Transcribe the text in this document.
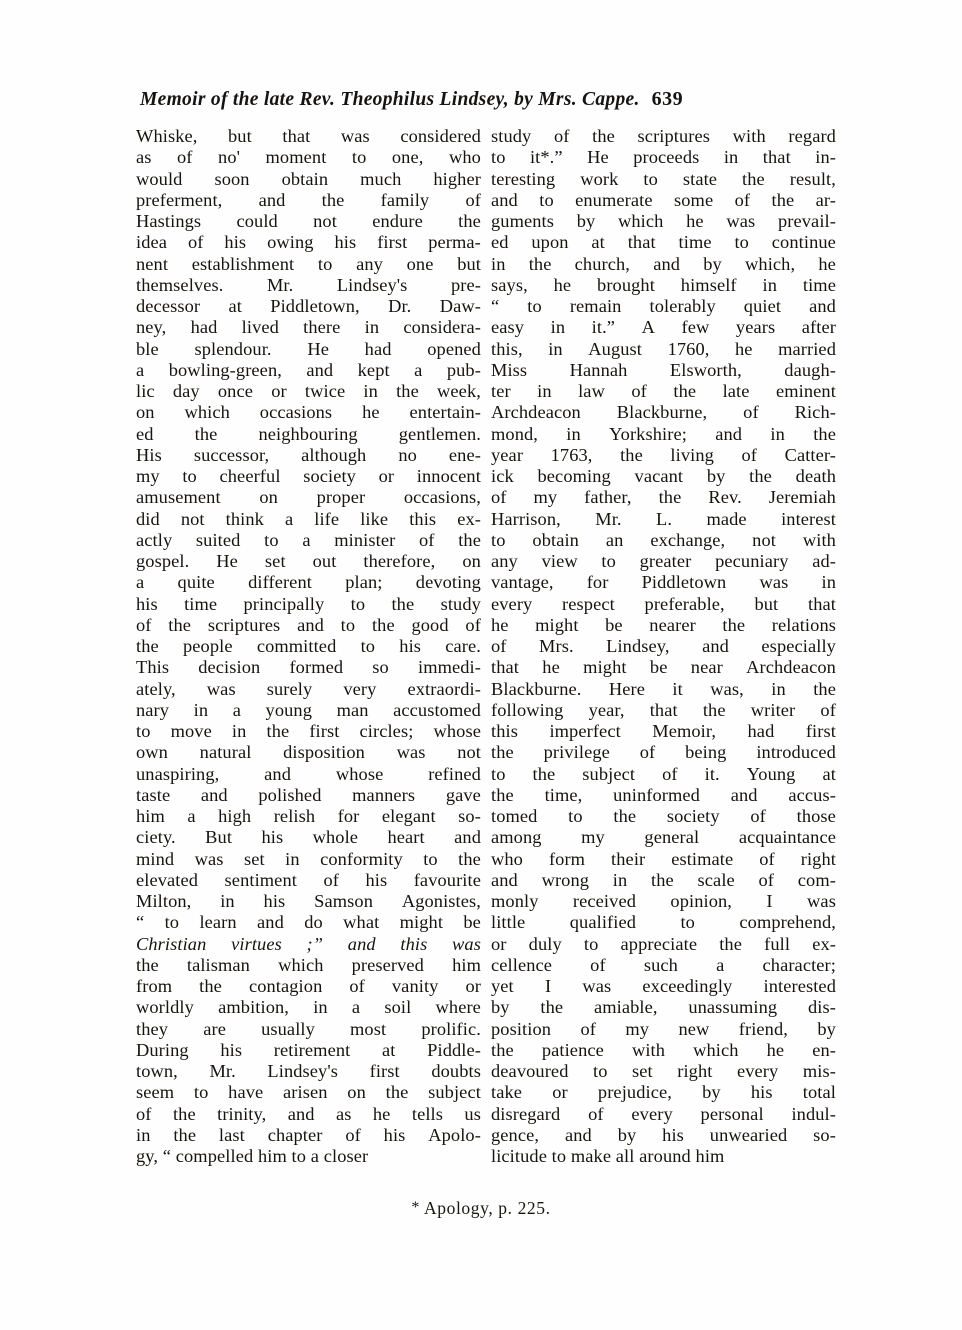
Memoir of the late Rev. Theophilus Lindsey, by Mrs. Cappe. 639
Whiske, but that was considered
as of no' moment to one, who
would soon obtain much higher
preferment, and the family of
Hastings could not endure the
idea of his owing his first perma-
nent establishment to any one but
themselves. Mr. Lindsey's pre-
decessor at Piddletown, Dr. Daw-
ney, had lived there in considera-
ble splendour. He had opened
a bowling-green, and kept a pub-
lic day once or twice in the week,
on which occasions he entertain-
ed the neighbouring gentlemen.
His successor, although no ene-
my to cheerful society or innocent
amusement on proper occasions,
did not think a life like this ex-
actly suited to a minister of the
gospel. He set out therefore, on
a quite different plan; devoting
his time principally to the study
of the scriptures and to the good of
the people committed to his care.
This decision formed so immedi-
ately, was surely very extraordi-
nary in a young man accustomed
to move in the first circles; whose
own natural disposition was not
unaspiring, and whose refined
taste and polished manners gave
him a high relish for elegant so-
ciety. But his whole heart and
mind was set in conformity to the
elevated sentiment of his favourite
Milton, in his Samson Agonistes,
“ to learn and do what might be
Christian virtues ;” and this was
the talisman which preserved him
from the contagion of vanity or
worldly ambition, in a soil where
they are usually most prolific.
During his retirement at Piddle-
town, Mr. Lindsey's first doubts
seem to have arisen on the subject
of the trinity, and as he tells us
in the last chapter of his Apolo-
gy, “ compelled him to a closer
study of the scriptures with regard
to it*.” He proceeds in that in-
teresting work to state the result,
and to enumerate some of the ar-
guments by which he was prevail-
ed upon at that time to continue
in the church, and by which, he
says, he brought himself in time
“ to remain tolerably quiet and
easy in it.” A few years after
this, in August 1760, he married
Miss Hannah Elsworth, daugh-
ter in law of the late eminent
Archdeacon Blackburne, of Rich-
mond, in Yorkshire; and in the
year 1763, the living of Catter-
ick becoming vacant by the death
of my father, the Rev. Jeremiah
Harrison, Mr. L. made interest
to obtain an exchange, not with
any view to greater pecuniary ad-
vantage, for Piddletown was in
every respect preferable, but that
he might be nearer the relations
of Mrs. Lindsey, and especially
that he might be near Archdeacon
Blackburne. Here it was, in the
following year, that the writer of
this imperfect Memoir, had first
the privilege of being introduced
to the subject of it. Young at
the time, uninformed and accus-
tomed to the society of those
among my general acquaintance
who form their estimate of right
and wrong in the scale of com-
monly received opinion, I was
little qualified to comprehend,
or duly to appreciate the full ex-
cellence of such a character;
yet I was exceedingly interested
by the amiable, unassuming dis-
position of my new friend, by
the patience with which he en-
deavoured to set right every mis-
take or prejudice, by his total
disregard of every personal indul-
gence, and by his unwearied so-
licitude to make all around him
* Apology, p. 225.
